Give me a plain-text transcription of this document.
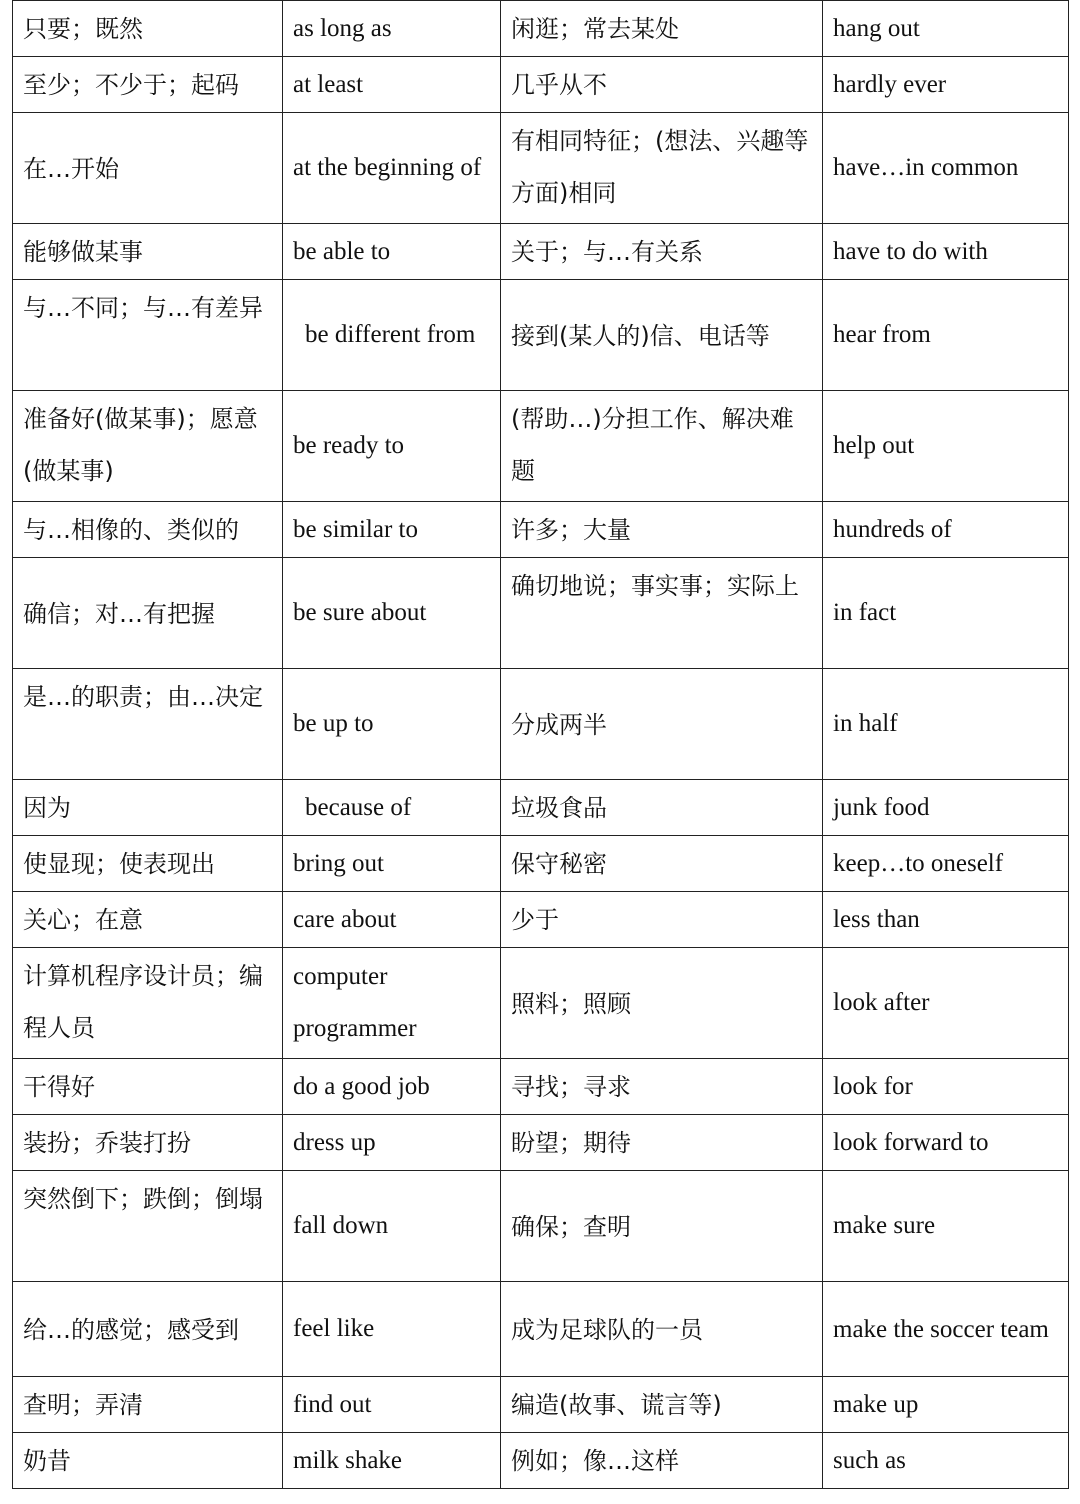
只要；既然	as long as	闲逛；常去某处	hang out
至少；不少于；起码	at least	几乎从不	hardly ever
在…开始	at the beginning of	有相同特征；(想法、兴趣等方面)相同	have…in common
能够做某事	be able to	关于；与…有关系	have to do with
与…不同；与…有差异	be different from	接到(某人的)信、电话等	hear from
准备好(做某事)；愿意(做某事)	be ready to	(帮助…)分担工作、解决难题	help out
与…相像的、类似的	be similar to	许多；大量	hundreds of
确信；对…有把握	be sure about	确切地说；事实事；实际上	in fact
是…的职责；由…决定	be up to	分成两半	in half
因为	because of	垃圾食品	junk food
使显现；使表现出	bring out	保守秘密	keep…to oneself
关心；在意	care about	少于	less than
计算机程序设计员；编程人员	computer programmer	照料；照顾	look after
干得好	do a good job	寻找；寻求	look for
装扮；乔装打扮	dress up	盼望；期待	look forward to
突然倒下；跌倒；倒塌	fall down	确保；查明	make sure
给…的感觉；感受到	feel like	成为足球队的一员	make the soccer team
查明；弄清	find out	编造(故事、谎言等)	make up
奶昔	milk shake	例如；像…这样	such as
